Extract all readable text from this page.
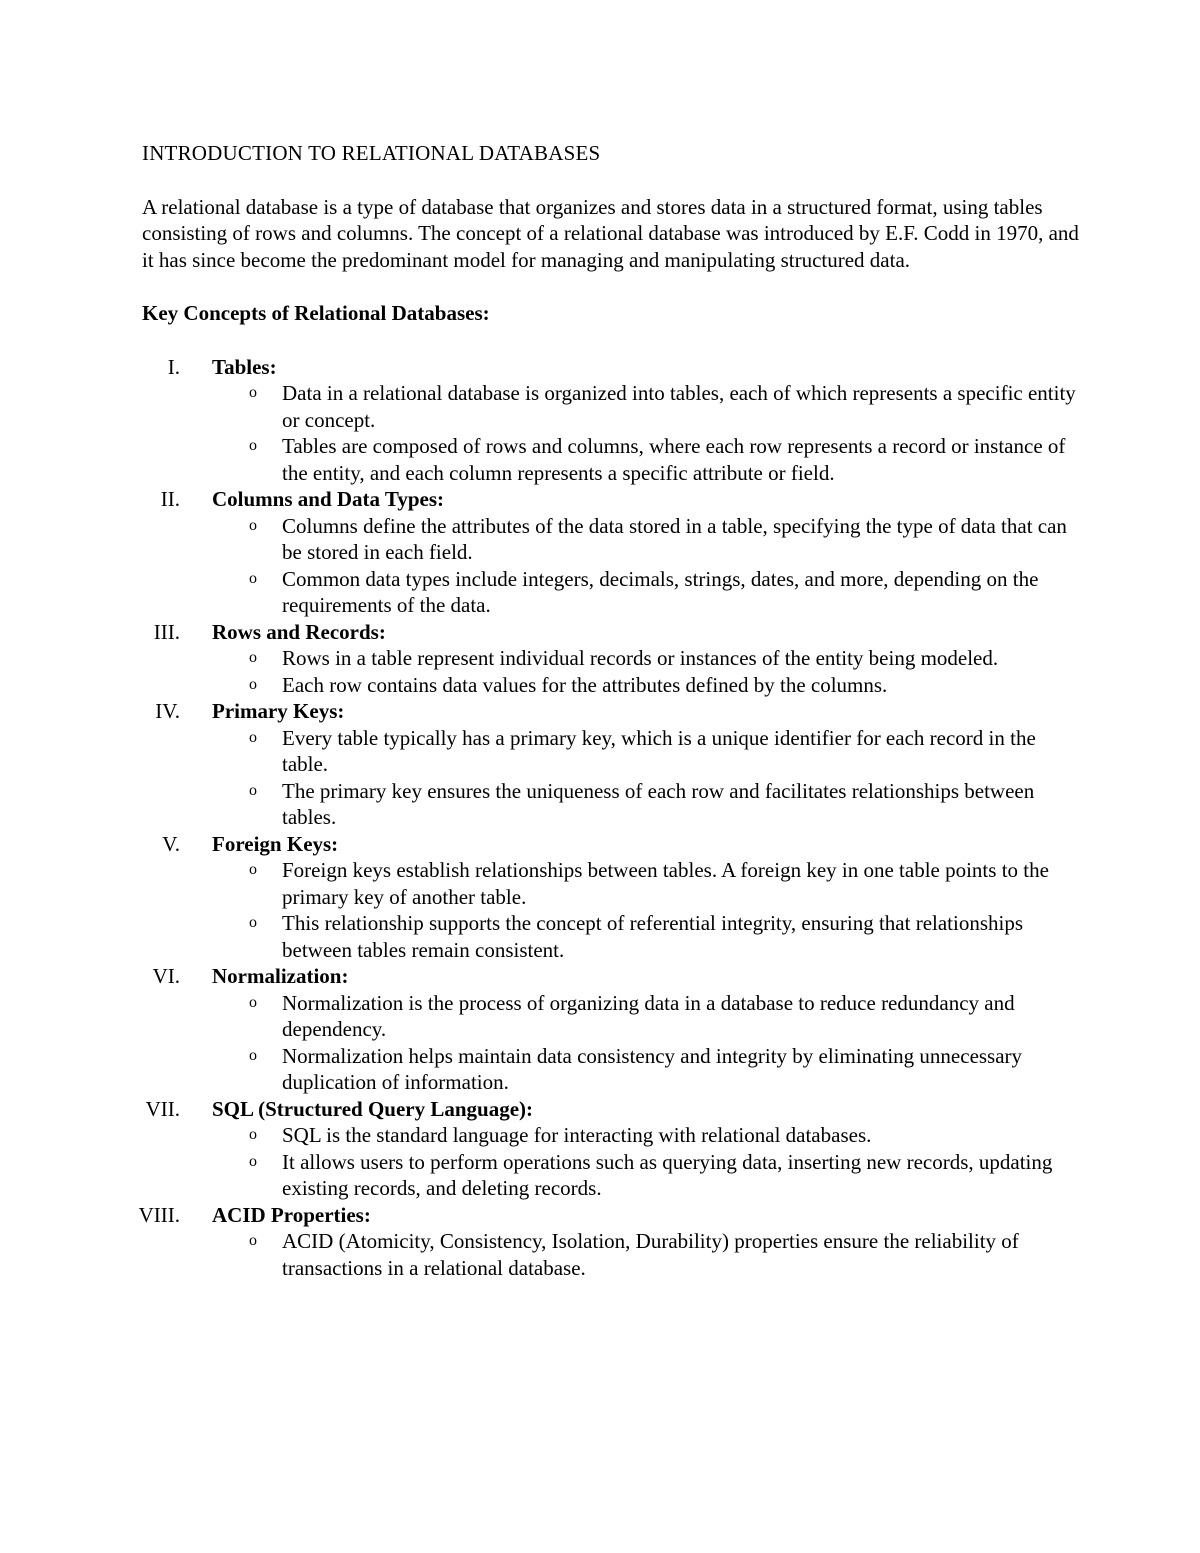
INTRODUCTION TO RELATIONAL DATABASES

A relational database is a type of database that organizes and stores data in a structured format, using tables consisting of rows and columns. The concept of a relational database was introduced by E.F. Codd in 1970, and it has since become the predominant model for managing and manipulating structured data.

Key Concepts of Relational Databases:
I. Tables:
o Data in a relational database is organized into tables, each of which represents a specific entity or concept.
o Tables are composed of rows and columns, where each row represents a record or instance of the entity, and each column represents a specific attribute or field.
II. Columns and Data Types:
o Columns define the attributes of the data stored in a table, specifying the type of data that can be stored in each field.
o Common data types include integers, decimals, strings, dates, and more, depending on the requirements of the data.
III. Rows and Records:
o Rows in a table represent individual records or instances of the entity being modeled.
o Each row contains data values for the attributes defined by the columns.
IV. Primary Keys:
o Every table typically has a primary key, which is a unique identifier for each record in the table.
o The primary key ensures the uniqueness of each row and facilitates relationships between tables.
V. Foreign Keys:
o Foreign keys establish relationships between tables. A foreign key in one table points to the primary key of another table.
o This relationship supports the concept of referential integrity, ensuring that relationships between tables remain consistent.
VI. Normalization:
o Normalization is the process of organizing data in a database to reduce redundancy and dependency.
o Normalization helps maintain data consistency and integrity by eliminating unnecessary duplication of information.
VII. SQL (Structured Query Language):
o SQL is the standard language for interacting with relational databases.
o It allows users to perform operations such as querying data, inserting new records, updating existing records, and deleting records.
VIII. ACID Properties:
o ACID (Atomicity, Consistency, Isolation, Durability) properties ensure the reliability of transactions in a relational database.
